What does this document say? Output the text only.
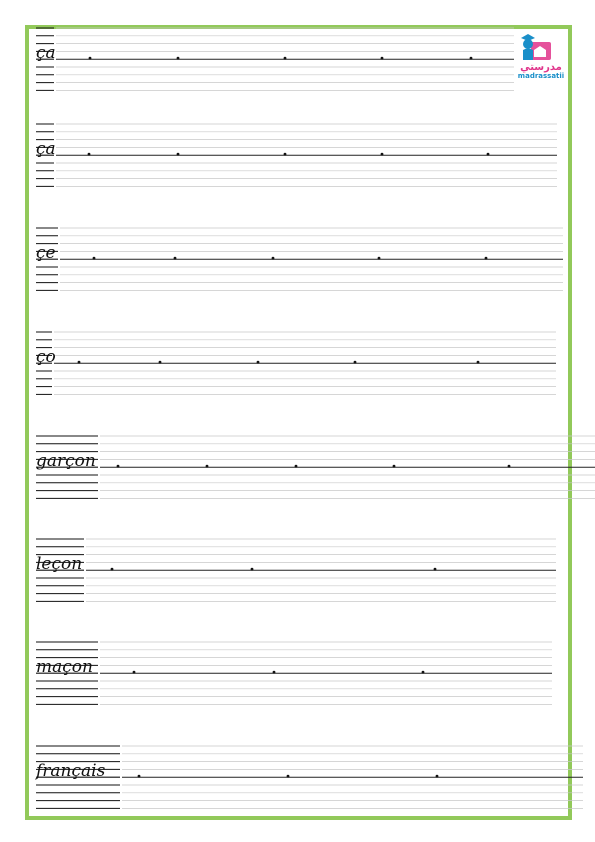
ça
ça
çe
ço
garçon
leçon
maçon
français
مدرستي
madrassatii
